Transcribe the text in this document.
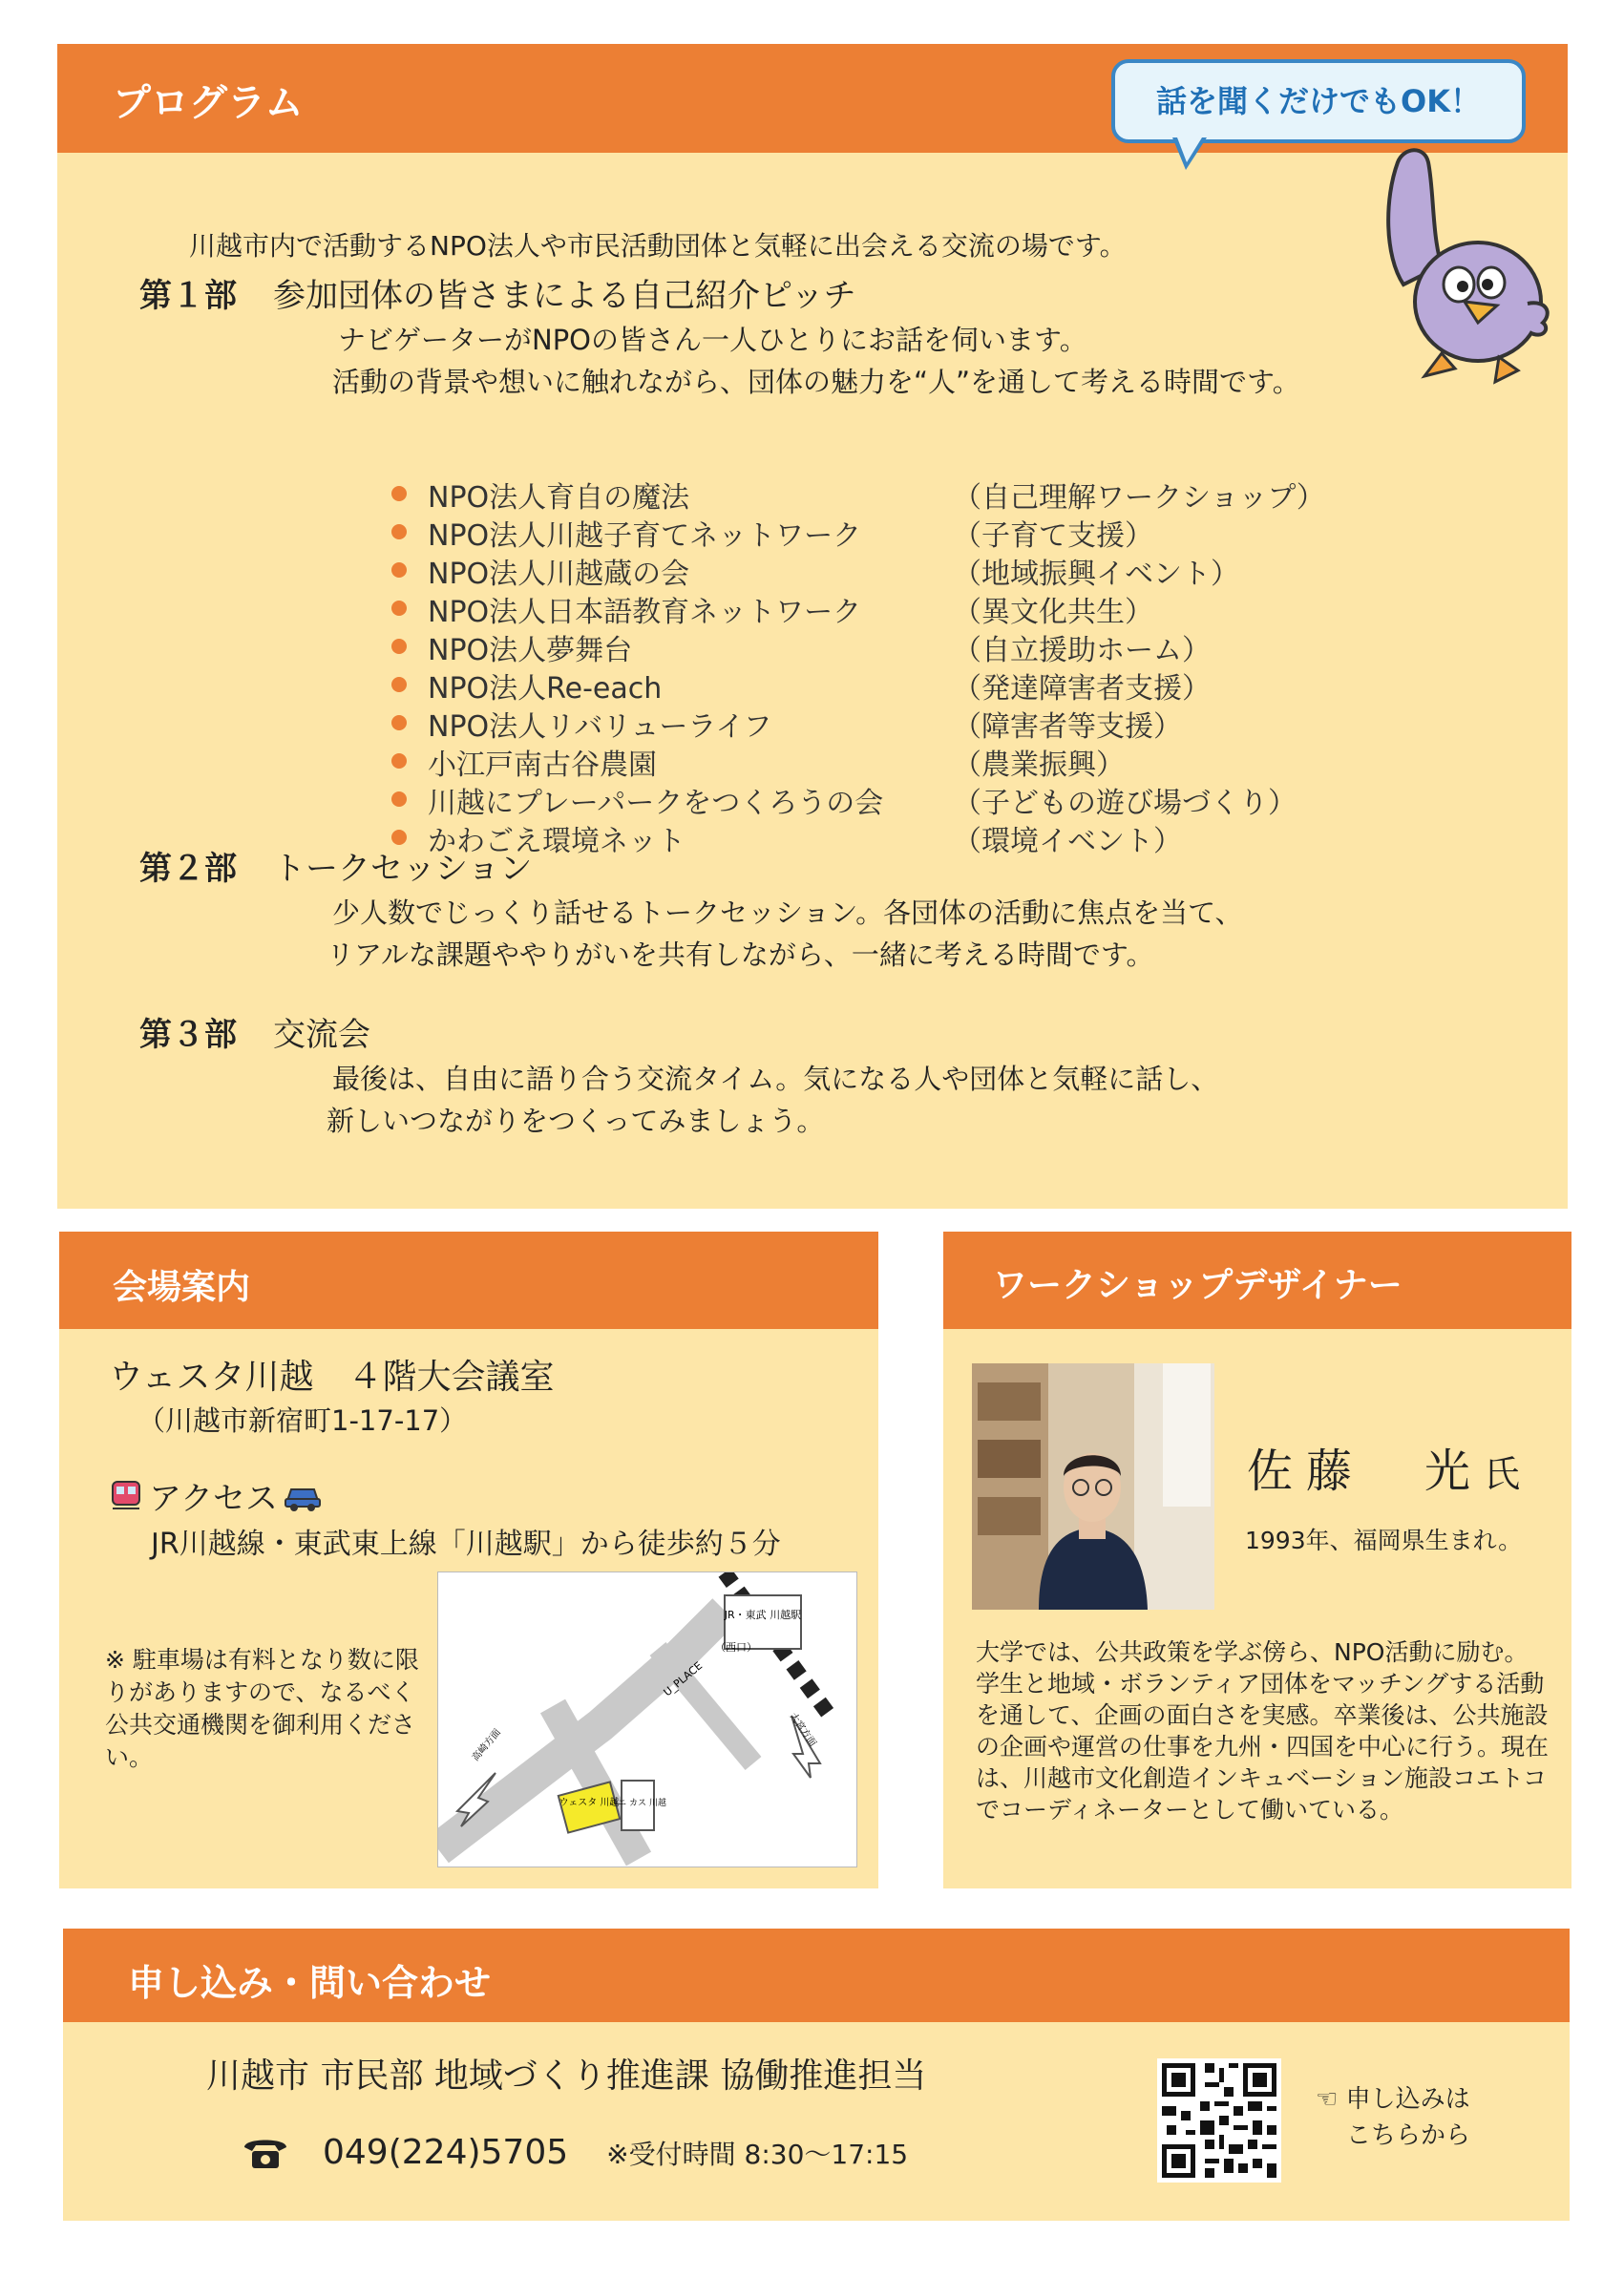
プログラム
川越市内で活動するNPO法人や市民活動団体と気軽に出会える交流の場です。
第１部 参加団体の皆さまによる自己紹介ピッチ
ナビゲーターがNPOの皆さん一人ひとりにお話を伺います。
活動の背景や想いに触れながら、団体の魅力を“人”を通して考える時間です。
NPO法人育自の魔法	（自己理解ワークショップ）
NPO法人川越子育てネットワーク	（子育て支援）
NPO法人川越蔵の会	（地域振興イベント）
NPO法人日本語教育ネットワーク	（異文化共生）
NPO法人夢舞台	（自立援助ホーム）
NPO法人Re-each	（発達障害者支援）
NPO法人リバリューライフ	（障害者等支援）
小江戸南古谷農園	（農業振興）
川越にプレーパークをつくろうの会 （子どもの遊び場づくり）
かわごえ環境ネット	（環境イベント）
第２部 トークセッション
少人数でじっくり話せるトークセッション。各団体の活動に焦点を当て、
リアルな課題ややりがいを共有しながら、一緒に考える時間です。
第３部 交流会
最後は、自由に語り合う交流タイム。気になる人や団体と気軽に話し、
新しいつながりをつくってみましょう。
話を聞くだけでもOK！
会場案内
ウェスタ川越　４階大会議室
（川越市新宿町1-17-17）
アクセス
JR川越線・東武東上線「川越駅」から徒歩約５分
※ 駐車場は有料となり数に限りがありますので、なるべく公共交通機関を御利用ください。
JR・東武 川越駅
（西口）
U_PLACE
大宮方面
高崎方面
ウェスタ 川越
ユニ カス 川越
ワークショップデザイナー
佐藤　光氏
1993年、福岡県生まれ。
大学では、公共政策を学ぶ傍ら、NPO活動に励む。学生と地域・ボランティア団体をマッチングする活動を通して、企画の面白さを実感。卒業後は、公共施設の企画や運営の仕事を九州・四国を中心に行う。現在は、川越市文化創造インキュベーション施設コエトコでコーディネーターとして働いている。
申し込み・問い合わせ
川越市 市民部 地域づくり推進課 協働推進担当
049(224)5705 ※受付時間 8:30～17:15
☜ 申し込みは
こちらから
